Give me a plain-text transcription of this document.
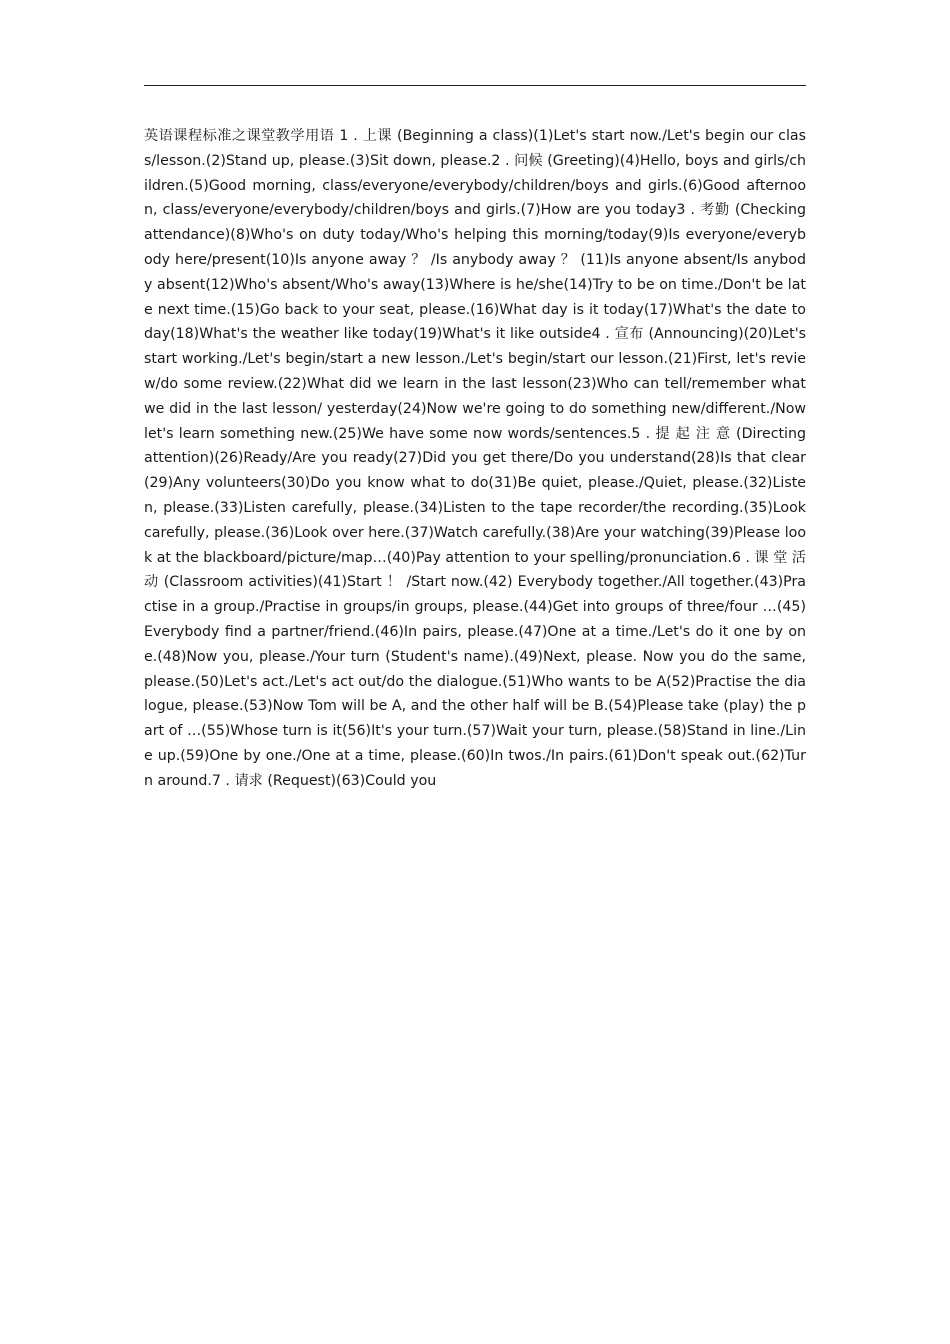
英语课程标准之课堂教学用语 1 . 上课 (Beginning a class)(1)Let's start now./Let's begin our class/lesson.(2)Stand up, please.(3)Sit down, please.2 . 问候 (Greeting)(4)Hello, boys and girls/children.(5)Good morning, class/everyone/everybody/children/boys and girls.(6)Good afternoon, class/everyone/everybody/children/boys and girls.(7)How are you today3 . 考勤 (Checking attendance)(8)Who's on duty today/Who's helping this morning/today(9)Is everyone/everybody here/present(10)Is anyone away ？ /Is anybody away ？ (11)Is anyone absent/Is anybody absent(12)Who's absent/Who's away(13)Where is he/she(14)Try to be on time./Don't be late next time.(15)Go back to your seat, please.(16)What day is it today(17)What's the date today(18)What's the weather like today(19)What's it like outside4 . 宣布 (Announcing)(20)Let's start working./Let's begin/start a new lesson./Let's begin/start our lesson.(21)First, let's review/do some review.(22)What did we learn in the last lesson(23)Who can tell/remember what we did in the last lesson/ yesterday(24)Now we're going to do something new/different./Now let's learn something new.(25)We have some now words/sentences.5 . 提 起 注 意 (Directing attention)(26)Ready/Are you ready(27)Did you get there/Do you understand(28)Is that clear(29)Any volunteers(30)Do you know what to do(31)Be quiet, please./Quiet, please.(32)Listen, please.(33)Listen carefully, please.(34)Listen to the tape recorder/the recording.(35)Look carefully, please.(36)Look over here.(37)Watch carefully.(38)Are your watching(39)Please look at the blackboard/picture/map…(40)Pay attention to your spelling/pronunciation.6 . 课 堂 活 动 (Classroom activities)(41)Start ！ /Start now.(42) Everybody together./All together.(43)Practise in a group./Practise in groups/in groups, please.(44)Get into groups of three/four …(45)Everybody find a partner/friend.(46)In pairs, please.(47)One at a time./Let's do it one by one.(48)Now you, please./Your turn (Student's name).(49)Next, please. Now you do the same, please.(50)Let's act./Let's act out/do the dialogue.(51)Who wants to be A(52)Practise the dialogue, please.(53)Now Tom will be A, and the other half will be B.(54)Please take (play) the part of …(55)Whose turn is it(56)It's your turn.(57)Wait your turn, please.(58)Stand in line./Line up.(59)One by one./One at a time, please.(60)In twos./In pairs.(61)Don't speak out.(62)Turn around.7 . 请求 (Request)(63)Could you
